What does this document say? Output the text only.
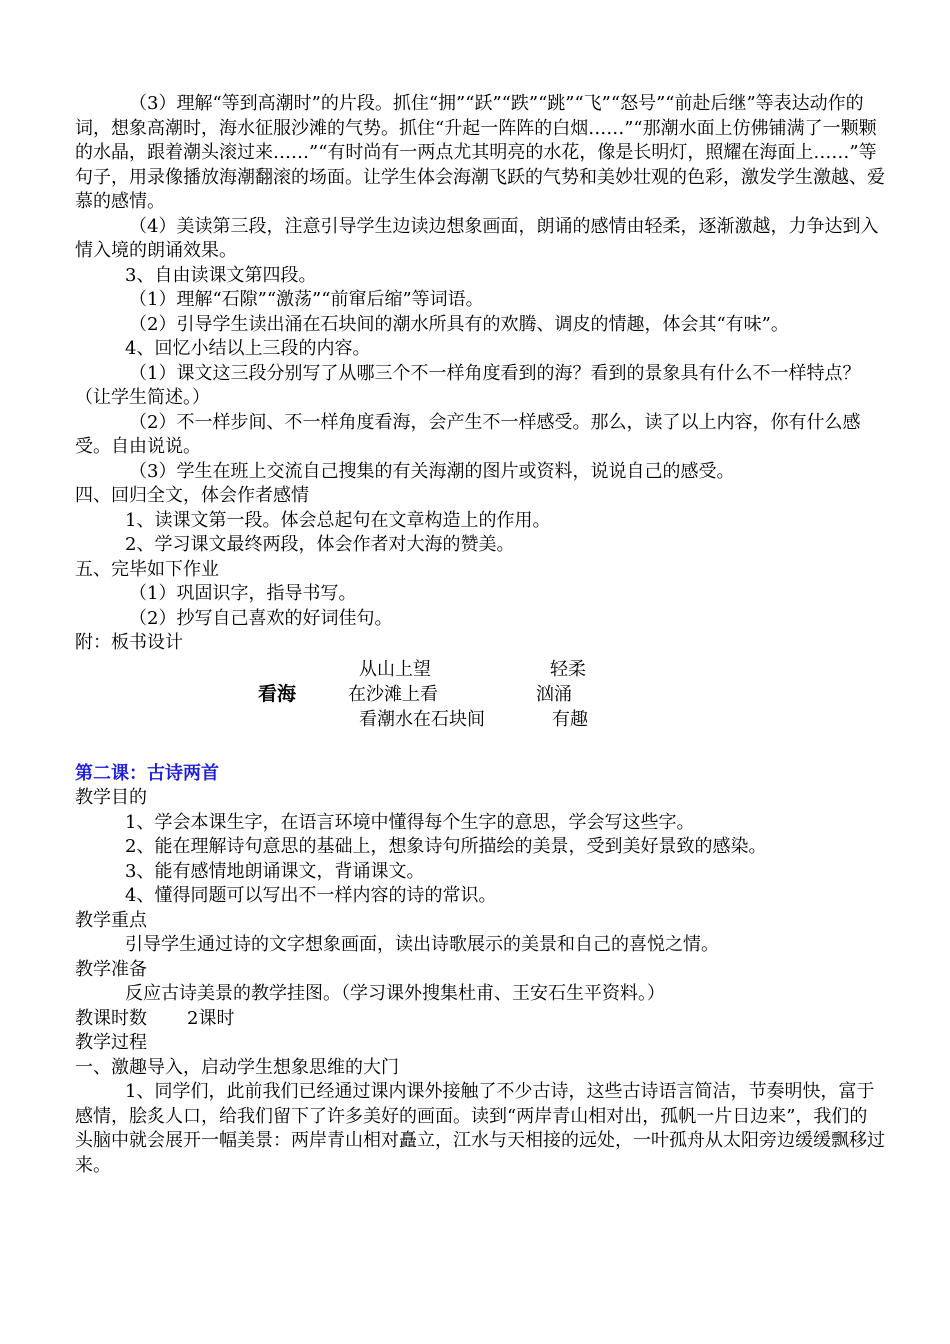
（3）理解“等到高潮时”的片段。抓住“拥”“跃”“跌”“跳”“飞”“怒号”“前赴后继”等表达动作的词，想象高潮时，海水征服沙滩的气势。抓住“升起一阵阵的白烟……”“那潮水面上仿佛铺满了一颗颗的水晶，跟着潮头滚过来……”“有时尚有一两点尤其明亮的水花，像是长明灯，照耀在海面上……”等句子，用录像播放海潮翻滚的场面。让学生体会海潮飞跃的气势和美妙壮观的色彩，激发学生激越、爱慕的感情。

（4）美读第三段，注意引导学生边读边想象画面，朗诵的感情由轻柔，逐渐激越，力争达到入情入境的朗诵效果。

3、自由读课文第四段。

（1）理解“石隙”“激荡”“前窜后缩”等词语。

（2）引导学生读出涌在石块间的潮水所具有的欢腾、调皮的情趣，体会其“有味”。

4、回忆小结以上三段的内容。

（1）课文这三段分别写了从哪三个不一样角度看到的海？看到的景象具有什么不一样特点？（让学生简述。）

（2）不一样步间、不一样角度看海，会产生不一样感受。那么，读了以上内容，你有什么感受。自由说说。

（3）学生在班上交流自己搜集的有关海潮的图片或资料，说说自己的感受。

四、回归全文，体会作者感情

1、读课文第一段。体会总起句在文章构造上的作用。

2、学习课文最终两段，体会作者对大海的赞美。

五、完毕如下作业

（1）巩固识字，指导书写。

（2）抄写自己喜欢的好词佳句。

附：板书设计

从山上望	轻柔
看海	在沙滩上看	汹涌
看潮水在石块间	有趣

第二课：古诗两首

教学目的

1、学会本课生字，在语言环境中懂得每个生字的意思，学会写这些字。

2、能在理解诗句意思的基础上，想象诗句所描绘的美景，受到美好景致的感染。

3、能有感情地朗诵课文，背诵课文。

4、懂得同题可以写出不一样内容的诗的常识。

教学重点

引导学生通过诗的文字想象画面，读出诗歌展示的美景和自己的喜悦之情。

教学准备

反应古诗美景的教学挂图。（学习课外搜集杜甫、王安石生平资料。）

教课时数 2课时

教学过程

一、激趣导入，启动学生想象思维的大门

1、同学们，此前我们已经通过课内课外接触了不少古诗，这些古诗语言简洁，节奏明快，富于感情，脍炙人口，给我们留下了许多美好的画面。读到“两岸青山相对出，孤帆一片日边来”，我们的头脑中就会展开一幅美景：两岸青山相对矗立，江水与天相接的远处，一叶孤舟从太阳旁边缓缓飘移过来。
